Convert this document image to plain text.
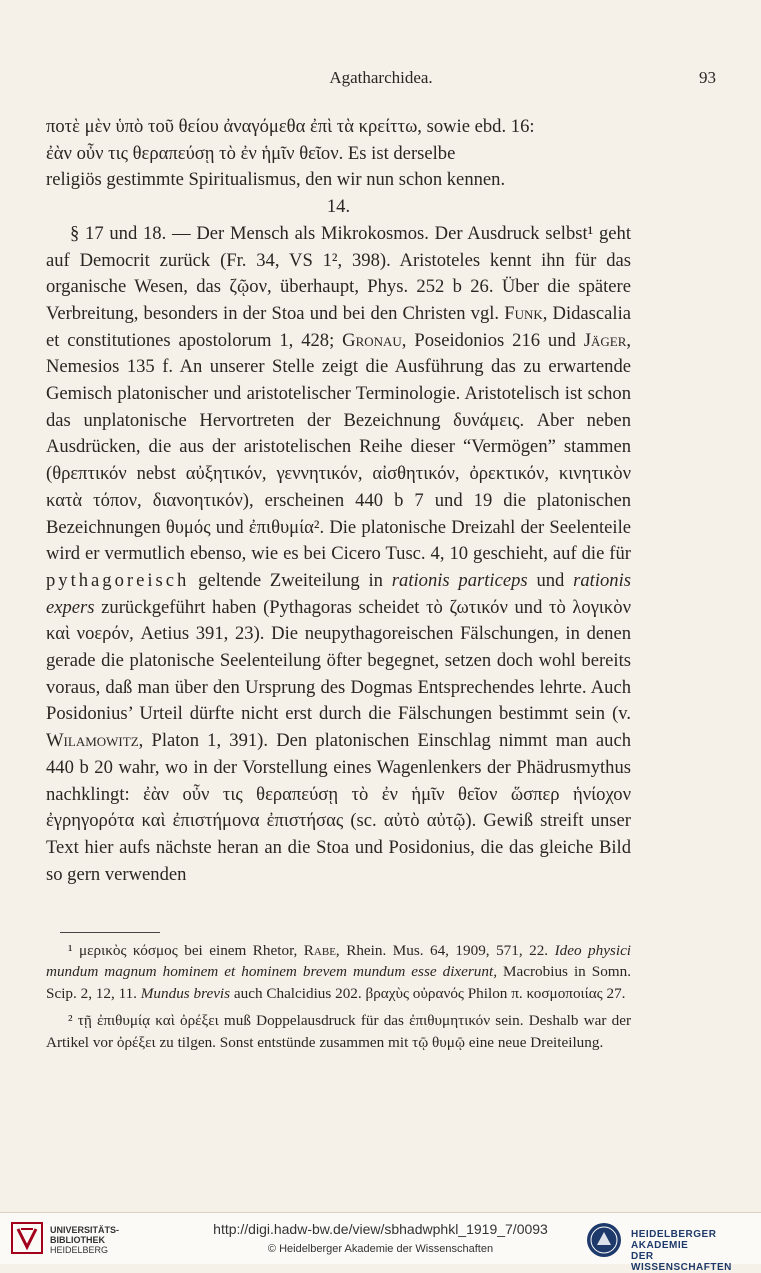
Agatharchidea.	93

ποτὲ μὲν ὑπὸ τοῦ θείου ἀναγόμεθα ἐπὶ τὰ κρείττω, sowie ebd. 16:

ἐὰν οὖν τις θεραπεύσῃ τὸ ἐν ἡμῖν θεῖον. Es ist derselbe

religiös gestimmte Spiritualismus, den wir nun schon kennen.

14.

§ 17 und 18. — Der Mensch als Mikrokosmos. Der Ausdruck selbst¹ geht auf Democrit zurück (Fr. 34, VS 1², 398). Aristoteles kennt ihn für das organische Wesen, das ζῷον, überhaupt, Phys. 252 b 26. Über die spätere Verbreitung, besonders in der Stoa und bei den Christen vgl. Funk, Didascalia et constitutiones apostolorum 1, 428; Gronau, Poseidonios 216 und Jäger, Nemesios 135 f. An unserer Stelle zeigt die Ausführung das zu erwartende Gemisch platonischer und aristotelischer Terminologie. Aristotelisch ist schon das unplatonische Hervortreten der Bezeichnung δυνάμεις. Aber neben Ausdrücken, die aus der aristotelischen Reihe dieser “Vermögen” stammen (θρεπτικόν nebst αὐξητικόν, γεννητικόν, αἰσθητικόν, ὀρεκτικόν, κινητικὸν κατὰ τόπον, διανοητικόν), erscheinen 440 b 7 und 19 die platonischen Bezeichnungen θυμός und ἐπιθυμία². Die platonische Dreizahl der Seelenteile wird er vermutlich ebenso, wie es bei Cicero Tusc. 4, 10 geschieht, auf die für pythagoreisch geltende Zweiteilung in rationis particeps und rationis expers zurückgeführt haben (Pythagoras scheidet τὸ ζωτικόν und τὸ λογικὸν καὶ νοερόν, Aetius 391, 23). Die neupythagoreischen Fälschungen, in denen gerade die platonische Seelenteilung öfter begegnet, setzen doch wohl bereits voraus, daß man über den Ursprung des Dogmas Entsprechendes lehrte. Auch Posidonius’ Urteil dürfte nicht erst durch die Fälschungen bestimmt sein (v. Wilamowitz, Platon 1, 391). Den platonischen Einschlag nimmt man auch 440 b 20 wahr, wo in der Vorstellung eines Wagenlenkers der Phädrusmythus nachklingt: ἐὰν οὖν τις θεραπεύσῃ τὸ ἐν ἡμῖν θεῖον ὥσπερ ἡνίοχον ἐγρηγορότα καὶ ἐπιστήμονα ἐπιστήσας (sc. αὐτὸ αὐτῷ). Gewiß streift unser Text hier aufs nächste heran an die Stoa und Posidonius, die das gleiche Bild so gern verwenden

¹ μερικὸς κόσμος bei einem Rhetor, Rabe, Rhein. Mus. 64, 1909, 571, 22. Ideo physici mundum magnum hominem et hominem brevem mundum esse dixerunt, Macrobius in Somn. Scip. 2, 12, 11. Mundus brevis auch Chalcidius 202. βραχὺς οὐρανός Philon π. κοσμοποιίας 27.

² τῇ ἐπιθυμίᾳ καὶ ὀρέξει muß Doppelausdruck für das ἐπιθυμητικόν sein. Deshalb war der Artikel vor ὀρέξει zu tilgen. Sonst entstünde zusammen mit τῷ θυμῷ eine neue Dreiteilung.

UNIVERSITÄTS-
BIBLIOTHEK
HEIDELBERG
http://digi.hadw-bw.de/view/sbhadwphkl_1919_7/0093
© Heidelberger Akademie der Wissenschaften
HEIDELBERGER AKADEMIE
DER WISSENSCHAFTEN
